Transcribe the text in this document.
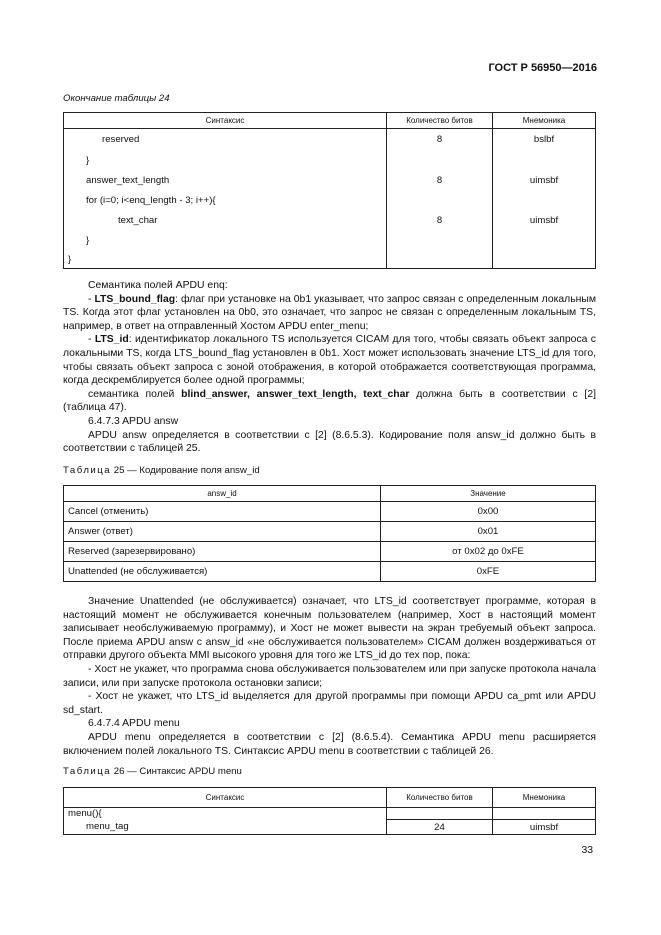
ГОСТ Р 56950—2016
Окончание таблицы 24
Синтаксис	Количество битов	Мнемоника
reserved	8	bslbf
}		
answer_text_length	8	uimsbf
for (i=0; i<enq_length - 3; i++){		
text_char	8	uimsbf
}		
}		

Семантика полей APDU enq:

- LTS_bound_flag: флаг при установке на 0b1 указывает, что запрос связан с определенным локальным TS. Когда этот флаг установлен на 0b0, это означает, что запрос не связан с определенным локальным TS, например, в ответ на отправленный Хостом APDU enter_menu;

- LTS_id: идентификатор локального TS используется CICAM для того, чтобы связать объект запроса с локальными TS, когда LTS_bound_flag установлен в 0b1. Хост может использовать значение LTS_id для того, чтобы связать объект запроса с зоной отображения, в которой отображается соответствующая программа, когда дескремблируется более одной программы;

семантика полей blind_answer, answer_text_length, text_char должна быть в соответствии с [2] (таблица 47).

6.4.7.3 APDU answ

APDU answ определяется в соответствии с [2] (8.6.5.3). Кодирование поля answ_id должно быть в соответствии с таблицей 25.

Таблица 25 — Кодирование поля answ_id
answ_id	Значение
Cancel (отменить)	0x00
Answer (ответ)	0x01
Reserved (зарезервировано)	от 0x02 до 0xFE
Unattended (не обслуживается)	0xFE

Значение Unattended (не обслуживается) означает, что LTS_id соответствует программе, которая в настоящий момент не обслуживается конечным пользователем (например, Хост в настоящий момент записывает необслуживаемую программу), и Хост не может вывести на экран требуемый объект запроса. После приема APDU answ с answ_id «не обслуживается пользователем» CICAM должен воздерживаться от отправки другого объекта MMI высокого уровня для того же LTS_id до тех пор, пока:

- Хост не укажет, что программа снова обслуживается пользователем или при запуске протокола начала записи, или при запуске протокола остановки записи;

- Хост не укажет, что LTS_id выделяется для другой программы при помощи APDU ca_pmt или APDU sd_start.

6.4.7.4 APDU menu

APDU menu определяется в соответствии с [2] (8.6.5.4). Семантика APDU menu расширяется включением полей локального TS. Синтаксис APDU menu в соответствии с таблицей 26.

Таблица 26 — Синтаксис APDU menu
Синтаксис	Количество битов	Мнемоника
menu(){		
menu_tag	24	uimsbf
33
